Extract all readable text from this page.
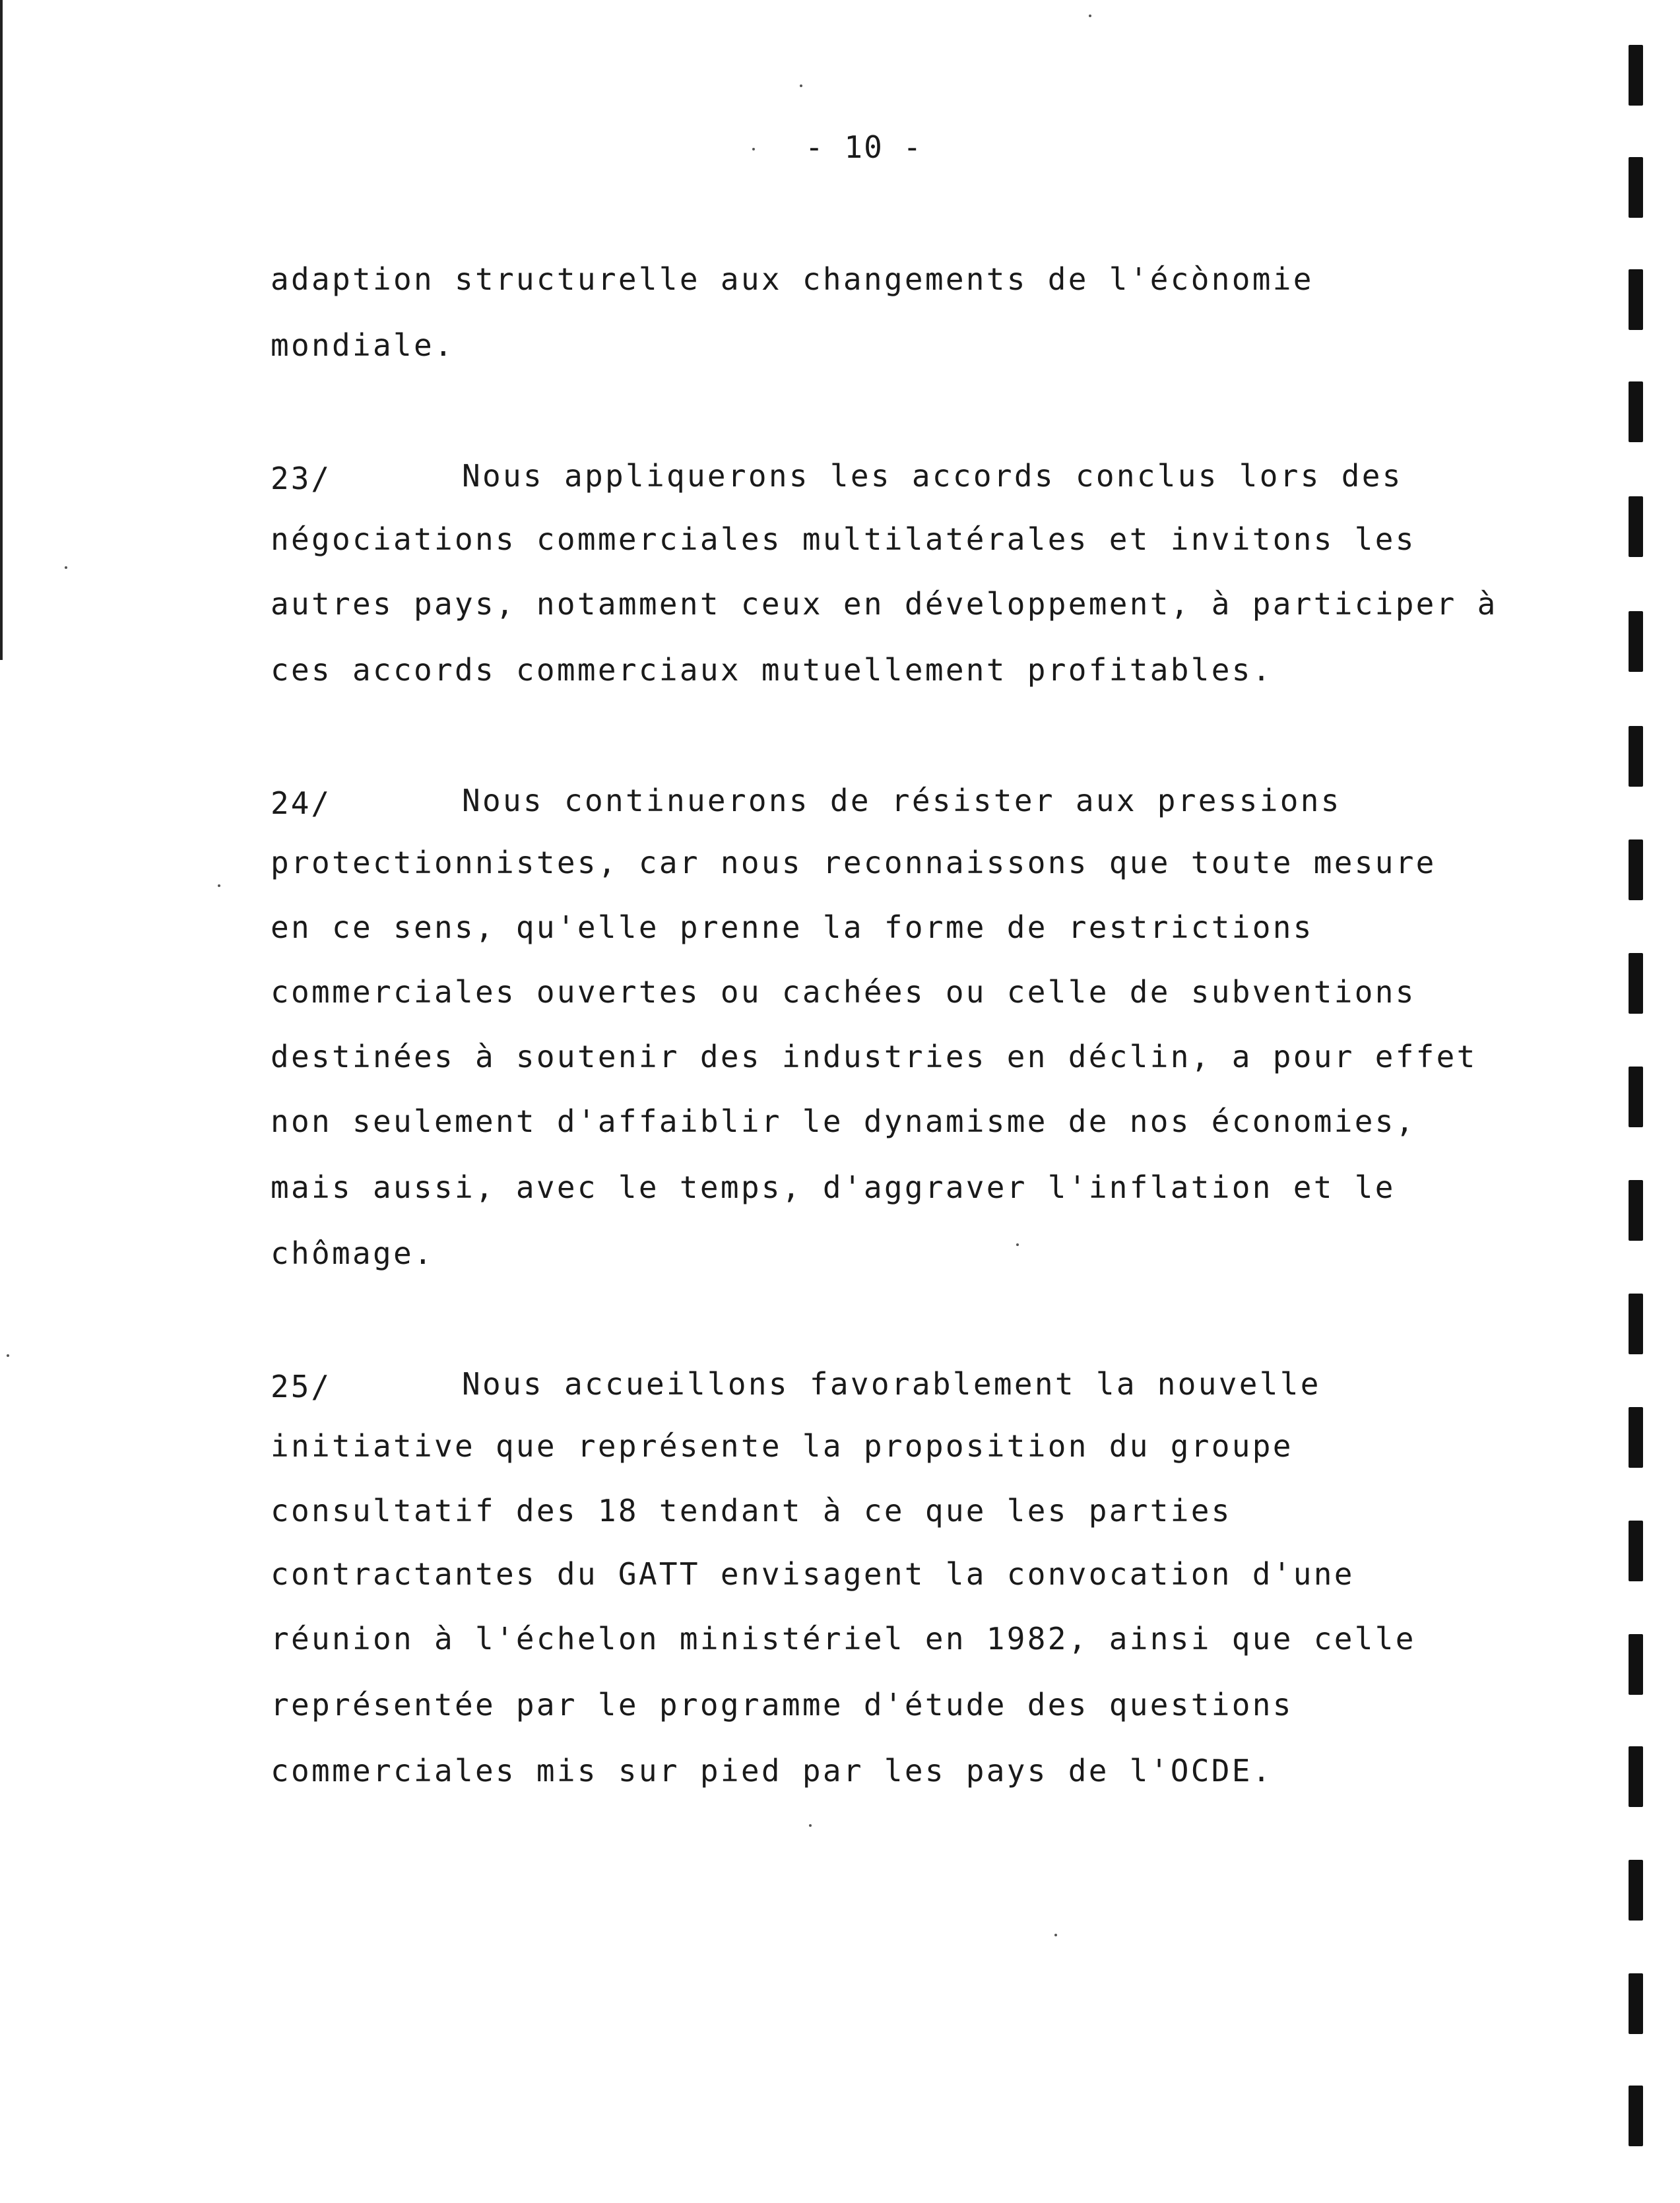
- 10 -
adaption structurelle aux changements de l'écònomie
mondiale.
23/	Nous appliquerons les accords conclus lors des
négociations commerciales multilatérales et invitons les
autres pays, notamment ceux en développement, à participer à
ces accords commerciaux mutuellement profitables.
24/	Nous continuerons de résister aux pressions
protectionnistes, car nous reconnaissons que toute mesure
en ce sens, qu'elle prenne la forme de restrictions
commerciales ouvertes ou cachées ou celle de subventions
destinées à soutenir des industries en déclin, a pour effet
non seulement d'affaiblir le dynamisme de nos économies,
mais aussi, avec le temps, d'aggraver l'inflation et le
chômage.
25/	Nous accueillons favorablement la nouvelle
initiative que représente la proposition du groupe
consultatif des 18 tendant à ce que les parties
contractantes du GATT envisagent la convocation d'une
réunion à l'échelon ministériel en 1982, ainsi que celle
représentée par le programme d'étude des questions
commerciales mis sur pied par les pays de l'OCDE.
